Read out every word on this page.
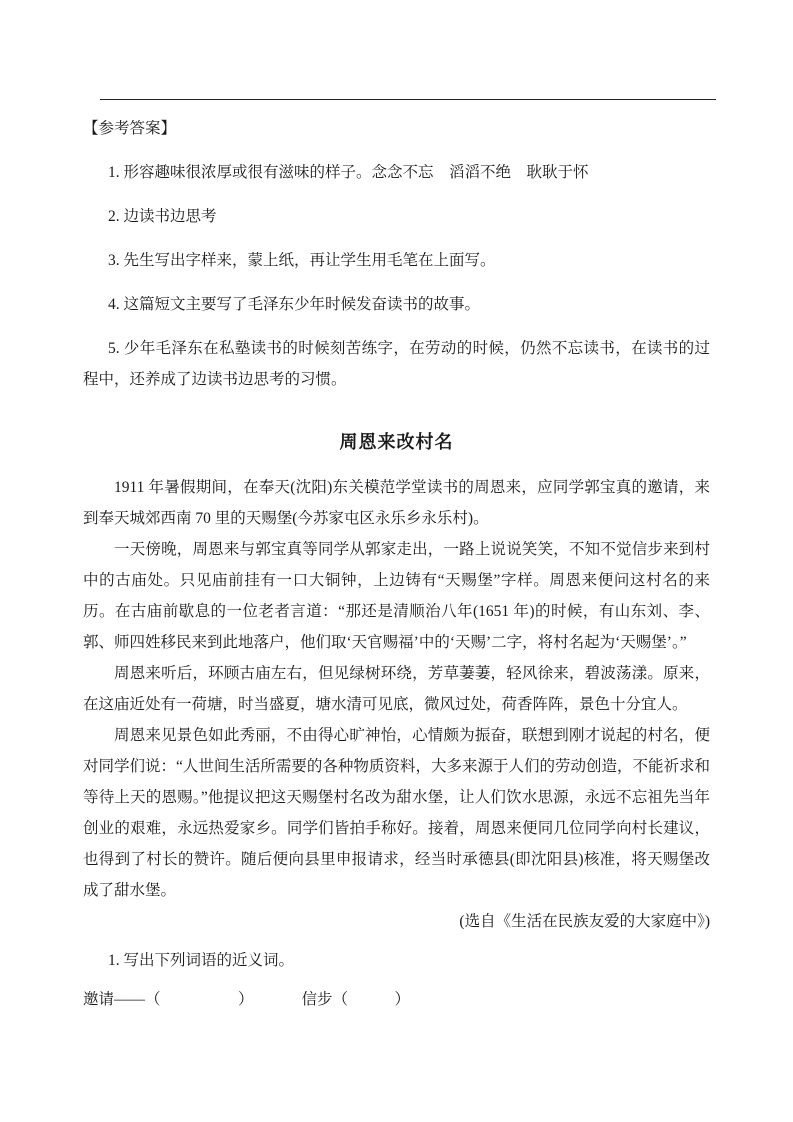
【参考答案】

1. 形容趣味很浓厚或很有滋味的样子。念念不忘　滔滔不绝　耿耿于怀

2. 边读书边思考

3. 先生写出字样来，蒙上纸，再让学生用毛笔在上面写。

4. 这篇短文主要写了毛泽东少年时候发奋读书的故事。

5. 少年毛泽东在私塾读书的时候刻苦练字，在劳动的时候，仍然不忘读书，在读书的过程中，还养成了边读书边思考的习惯。

周恩来改村名

1911 年暑假期间，在奉天(沈阳)东关模范学堂读书的周恩来，应同学郭宝真的邀请，来到奉天城郊西南 70 里的天赐堡(今苏家屯区永乐乡永乐村)。

一天傍晚，周恩来与郭宝真等同学从郭家走出，一路上说说笑笑，不知不觉信步来到村中的古庙处。只见庙前挂有一口大铜钟，上边铸有“天赐堡”字样。周恩来便问这村名的来历。在古庙前歇息的一位老者言道：“那还是清顺治八年(1651 年)的时候，有山东刘、李、郭、师四姓移民来到此地落户，他们取‘天官赐福’中的‘天赐’二字，将村名起为‘天赐堡’。”

周恩来听后，环顾古庙左右，但见绿树环绕，芳草萋萋，轻风徐来，碧波荡漾。原来，在这庙近处有一荷塘，时当盛夏，塘水清可见底，微风过处，荷香阵阵，景色十分宜人。

周恩来见景色如此秀丽，不由得心旷神怡，心情颇为振奋，联想到刚才说起的村名，便对同学们说：“人世间生活所需要的各种物质资料，大多来源于人们的劳动创造，不能祈求和等待上天的恩赐。”他提议把这天赐堡村名改为甜水堡，让人们饮水思源，永远不忘祖先当年创业的艰难，永远热爱家乡。同学们皆拍手称好。接着，周恩来便同几位同学向村长建议，也得到了村长的赞许。随后便向县里申报请求，经当时承德县(即沈阳县)核准，将天赐堡改成了甜水堡。

(选自《生活在民族友爱的大家庭中》)

1. 写出下列词语的近义词。

邀请——（　　　　　）	信步（　　　）
